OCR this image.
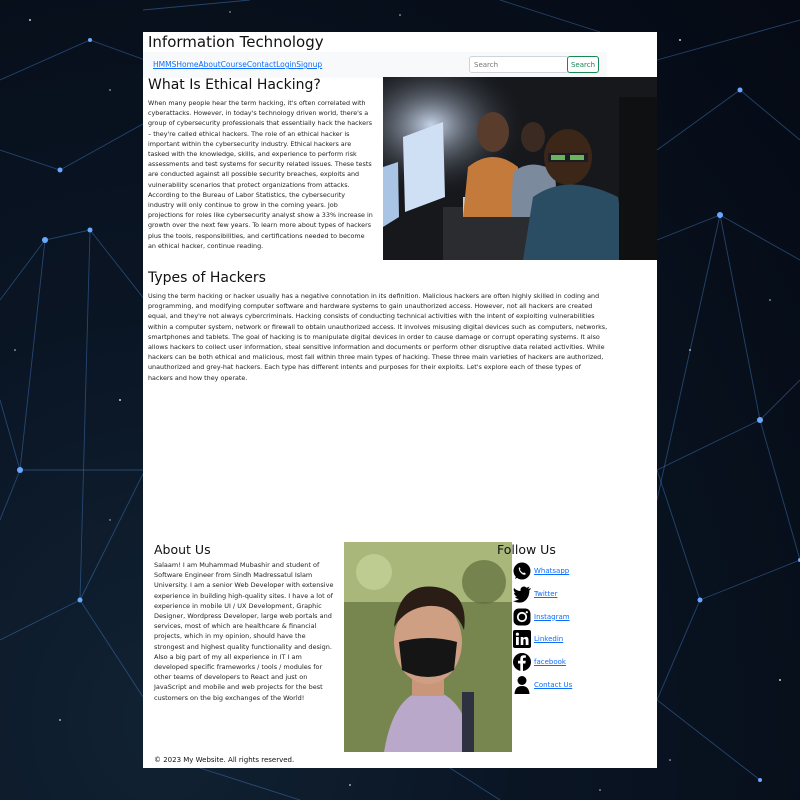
Information Technology
HMMSHomeAboutCourseContactLoginSignup
Search	Search
What Is Ethical Hacking?
When many people hear the term hacking, it's often correlated with
cyberattacks. However, in today's technology driven world, there's a
group of cybersecurity professionals that essentially hack the hackers
– they're called ethical hackers. The role of an ethical hacker is
important within the cybersecurity industry. Ethical hackers are
tasked with the knowledge, skills, and experience to perform risk
assessments and test systems for security related issues. These tests
are conducted against all possible security breaches, exploits and
vulnerability scenarios that protect organizations from attacks.
According to the Bureau of Labor Statistics, the cybersecurity
industry will only continue to grow in the coming years. Job
projections for roles like cybersecurity analyst show a 33% increase in
growth over the next few years. To learn more about types of hackers
plus the tools, responsibilities, and certifications needed to become
an ethical hacker, continue reading.
Types of Hackers
Using the term hacking or hacker usually has a negative connotation in its definition. Malicious hackers are often highly skilled in coding and
programming, and modifying computer software and hardware systems to gain unauthorized access. However, not all hackers are created
equal, and they're not always cybercriminals. Hacking consists of conducting technical activities with the intent of exploiting vulnerabilities
within a computer system, network or firewall to obtain unauthorized access. It involves misusing digital devices such as computers, networks,
smartphones and tablets. The goal of hacking is to manipulate digital devices in order to cause damage or corrupt operating systems. It also
allows hackers to collect user information, steal sensitive information and documents or perform other disruptive data related activities. While
hackers can be both ethical and malicious, most fall within three main types of hacking. These three main varieties of hackers are authorized,
unauthorized and grey-hat hackers. Each type has different intents and purposes for their exploits. Let's explore each of these types of
hackers and how they operate.
About Us
Salaam! I am Muhammad Mubashir and student of
Software Engineer from Sindh Madressatul Islam
University. I am a senior Web Developer with extensive
experience in building high-quality sites. I have a lot of
experience in mobile UI / UX Development, Graphic
Designer, Wordpress Developer, large web portals and
services, most of which are healthcare & financial
projects, which in my opinion, should have the
strongest and highest quality functionality and design.
Also a big part of my all experience in IT I am
developed specific frameworks / tools / modules for
other teams of developers to React and just on
JavaScript and mobile and web projects for the best
customers on the big exchanges of the World!
Follow Us
Whatsapp
Twitter
Instagram
Linkedin
facebook
Contact Us
© 2023 My Website. All rights reserved.
